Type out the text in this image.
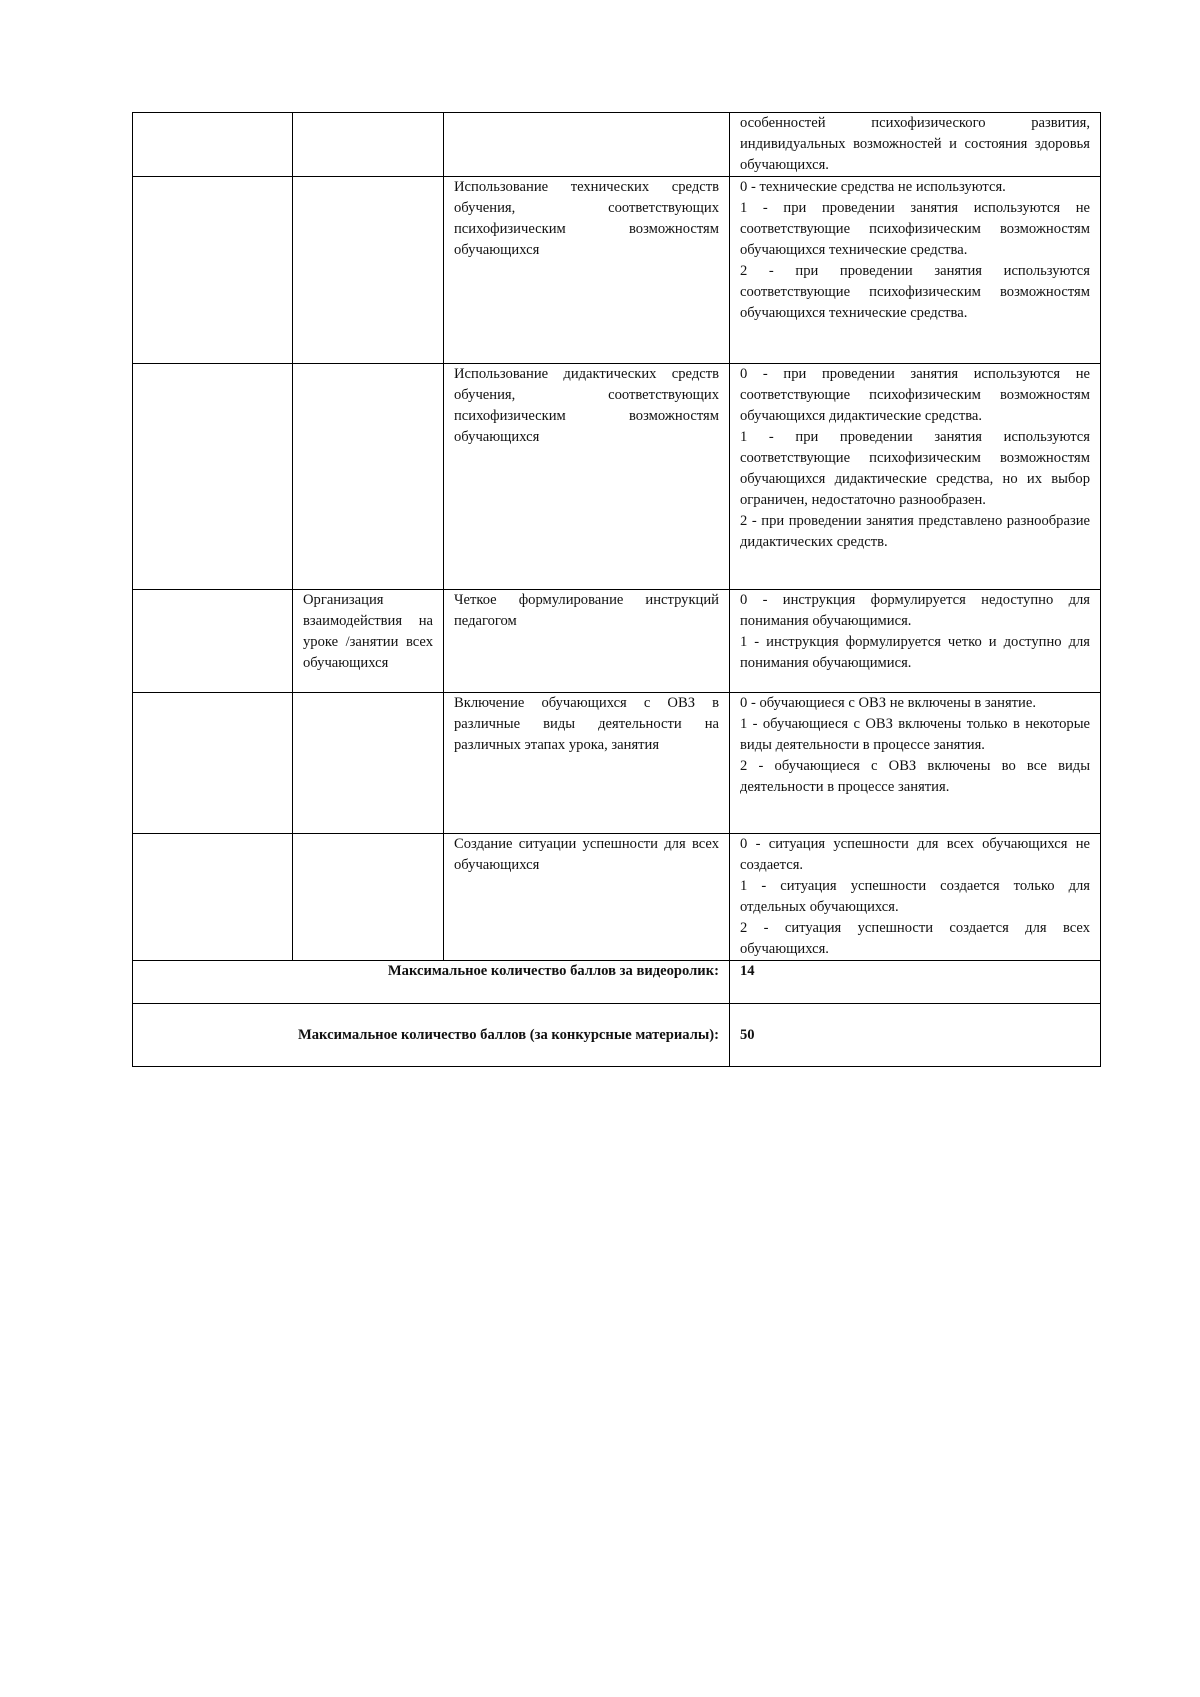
			особенностей психофизического развития, индивидуальных возможностей и состояния здоровья обучающихся.

		Использование технических средств обучения, соответствующих психофизическим возможностям обучающихся	0 - технические средства не используются.
1 - при проведении занятия используются не соответствующие психофизическим возможностям обучающихся технические средства.
2 - при проведении занятия используются соответствующие психофизическим возможностям обучающихся технические средства.

		Использование дидактических средств обучения, соответствующих психофизическим возможностям обучающихся	0 - при проведении занятия используются не соответствующие психофизическим возможностям обучающихся дидактические средства.
1 - при проведении занятия используются соответствующие психофизическим возможностям обучающихся дидактические средства, но их выбор ограничен, недостаточно разнообразен.
2 - при проведении занятия представлено разнообразие дидактических средств.

	Организация взаимодействия на уроке /занятии всех обучающихся	Четкое формулирование инструкций педагогом	0 - инструкция формулируется недоступно для понимания обучающимися.
1 - инструкция формулируется четко и доступно для понимания обучающимися.

		Включение обучающихся с ОВЗ в различные виды деятельности на различных этапах урока, занятия	0 - обучающиеся с ОВЗ не включены в занятие.
1 - обучающиеся с ОВЗ включены только в некоторые виды деятельности в процессе занятия.
2 - обучающиеся с ОВЗ включены во все виды деятельности в процессе занятия.

		Создание ситуации успешности для всех обучающихся	0 - ситуация успешности для всех обучающихся не создается.
1 - ситуация успешности создается только для отдельных обучающихся.
2 - ситуация успешности создается для всех обучающихся.

Максимальное количество баллов за видеоролик:			14
Максимальное количество баллов (за конкурсные материалы):			50
